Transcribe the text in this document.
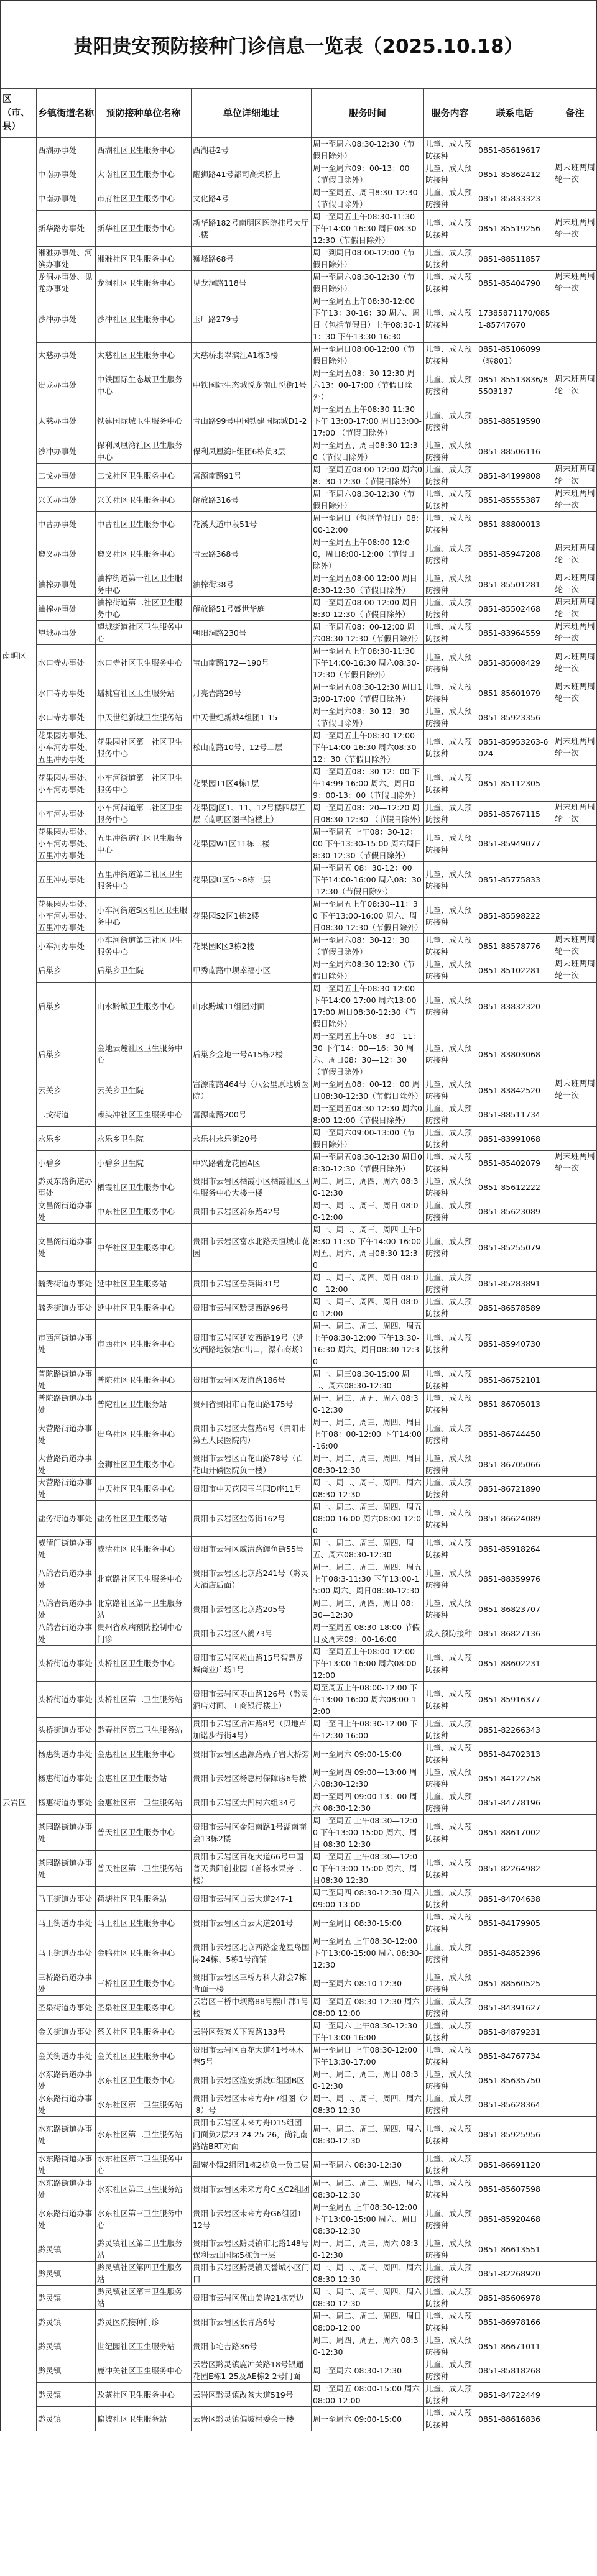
贵阳贵安预防接种门诊信息一览表（2025.10.18）
区（市、县）	乡镇街道名称	预防接种单位名称	单位详细地址	服务时间	服务内容	联系电话	备注
南明区	西湖办事处	西湖社区卫生服务中心	西湖巷2号	周一至周六08:30-12:30（节假日除外）	儿童、成人预防接种	0851-85619617	
	中南办事处	大南社区卫生服务中心	醒狮路41号都司高架桥上	周一至周六09：00-13：00（节假日除外）	儿童、成人预防接种	0851-85862412	周末班两周轮一次
	中南办事处	市府社区卫生服务中心	文化路4号	周一至周五、周日8:30-12:30（节假日除外）	儿童、成人预防接种	0851-85833323	
	新华路办事处	新华社区卫生服务中心	新华路182号南明区医院挂号大厅二楼	周一至周五上午08:30-11:30 下午14:00-16:30 周日08:30-12:30（节假日除外）	儿童、成人预防接种	0851-85519256	周末班两周轮一次
	湘雅办事处、河滨办事处	湘雅社区卫生服务中心	狮峰路68号	周一到周日08:00-12:00（节假日除外）	儿童、成人预防接种	0851-88511857	
	龙洞办事处、见龙办事处	龙洞社区卫生服务中心	见龙洞路118号	周一至周六08:30-12:30（节假日除外）	儿童、成人预防接种	0851-85404790	周末班两周轮一次
	沙冲办事处	沙冲社区卫生服务中心	玉厂路279号	周一至周五上午08:30-12:00 下午13：30-16：30 周六、周日（包括节假日）上午08:30-11：30 下午13:30-16:30	儿童、成人预防接种	17385871170/0851-85747670	
	太慈办事处	太慈社区卫生服务中心	太慈桥翡翠滨江A1栋3楼	周一至周日08:00-12:00（节假日除外）	儿童、成人预防接种	0851-85106099（转801）	
	贵龙办事处	中铁国际生态城卫生服务中心	中铁国际生态城悦龙南山悦街1号	周一至周五08：30-12:30 周六13：00-17:00（节假日除外）	儿童、成人预防接种	0851-85513836/85503137	周末班两周轮一次
	太慈办事处	铁建国际城卫生服务中心	青山路99号中国铁建国际城D1-2	周一至周五上午08:30-11:30 下午 13:00-17:00 周日13:00-17:00 （节假日除外）	儿童、成人预防接种	0851-88519590	
	沙冲办事处	保利凤凰湾社区卫生服务中心	保利凤凰湾E组团6栋负3层	周一至周五、周日08:30-12:30（节假日除外）	儿童、成人预防接种	0851-88506116	
	二戈办事处	二戈社区卫生服务中心	富源南路91号	周一至周五08:00-12:00 周六08：30-12:30（节假日除外）	儿童、成人预防接种	0851-84199808	周末班两周轮一次
	兴关办事处	兴关社区卫生服务中心	解放路316号	周一至周六08:30-12:30（节假日除外）	儿童、成人预防接种	0851-85555387	周末班两周轮一次
	中曹办事处	中曹社区卫生服务中心	花溪大道中段51号	周一至周日（包括节假日）08:00-12:00	儿童、成人预防接种	0851-88800013	
	遵义办事处	遵义社区卫生服务中心	青云路368号	周一至周五上午08:00-12:00，周日8:00-12:00（节假日除外）	儿童、成人预防接种	0851-85947208	周末班两周轮一次
	油榨办事处	油榨街道第一社区卫生服务中心	油榨街38号	周一至周五08:00-12:00 周日8:30-12:30（节假日除外）	儿童、成人预防接种	0851-85501281	周末班两周轮一次
	油榨办事处	油榨街道第二社区卫生服务中心	解放路51号盛世华庭	周一至周五08:00-12:00 周日8:30-12:30（节假日除外）	儿童、成人预防接种	0851-85502468	周末班两周轮一次
	望城办事处	望城街道社区卫生服务中心	朝阳洞路230号	周一至周五08：00-12:00 周六08:30-12:30（节假日除外）	儿童、成人预防接种	0851-83964559	周末班两周轮一次
	水口寺办事处	水口寺社区卫生服务中心	宝山南路172—190号	周一至周五上午08:30-11:30 下午14:00-16:30 周六08:30-12:30（节假日除外）	儿童、成人预防接种	0851-85608429	周末班两周轮一次
	水口寺办事处	蟠桃宫社区卫生服务站	月亮岩路29号	周一至周五08:30-12:30 周日13;00-17:00（节假日除外）	儿童、成人预防接种	0851-85601979	周末班两周轮一次
	水口寺办事处	中天世纪新城卫生服务站	中天世纪新城4组团1-15	周一至周六08：30-12：30（节假日除外）	儿童、成人预防接种	0851-85923356	
	花果园办事处、小车河办事处、五里冲办事处	花果园社区第一社区卫生服务中心	松山南路10号、12号二层	周一至周五上午08:30-12:00 下午14:00-16:30 周六08:30--12：30（节假日除外）	儿童、成人预防接种	0851-85953263-6024	周末班两周轮一次
	花果园办事处、小车河办事处	小车河街道第一社区卫生服务中心	花果园T1区4栋1层	周一至周五08：30-12：00 下午14:99-16:00 周六、周日09：00-13：00（节假日除外）	儿童、成人预防接种	0851-85112305	
	小车河办事处	小车河街道第二社区卫生服务中心	花果园J区1、11、12号楼四层五层（南明区图书馆楼上）	周一至周五08：20—12:20 周日08:30-12:30 （节假日除外）	儿童、成人预防接种	0851-85767115	周末班两周轮一次
	花果园办事处、小车河办事处、五里冲办事处	五里冲街道社区卫生服务中心	花果园W1区11栋二楼	周一至周五 上午08：30-12：00 下午13:30-15:00 周六周日8:30-12:30（节假日除外）	儿童、成人预防接种	0851-85949077	
	五里冲办事处	五里冲街道第二社区卫生服务中心	花果园U区5～8栋一层	周一至周五 08：30-12：00 下午14:00-16:00 周六08：30-12:30（节假日除外）	儿童、成人预防接种	0851-85775833	
	花果园办事处、小车河办事处、五里冲办事处	小车河街道S区社区卫生服务中心	花果园S2区1栋2楼	周一至周五上午08:30--11：30 下午13:00-16:00 周六、周日08:30-12:30（节假日除外）	儿童、成人预防接种	0851-85598222	
	小车河办事处	小车河街道第三社区卫生服务中心	花果园K区3栋2楼	周一至周六08：30-12：30（节假日除外）	儿童、成人预防接种	0851-88578776	周末班两周轮一次
	后巢乡	后巢乡卫生院	甲秀南路中坝幸福小区	周一至周六08:30-12:30（节假日除外）	儿童、成人预防接种	0851-85102281	周末班两周轮一次
	后巢乡	山水黔城卫生服务中心	山水黔城11组团对面	周一至周五上午08:30-12:00 下午14:00-17:00 周六13:00-17:00 周日08:30-12:30（节假日除外）	儿童、成人预防接种	0851-83832320	
	后巢乡	金地云麓社区卫生服务中心	后巢乡金地一号A15栋2楼	周一至周五上午08：30—11：30 下午14：00—16：30 周六、周日08：30—12：30（节假日除外）	儿童、成人预防接种	0851-83803068	
	云关乡	云关乡卫生院	富源南路464号（八公里原地质医院）	周一至周五08：00-12：00 周日08:30-12:30（节假日除外）	儿童、成人预防接种	0851-83842520	周末班两周轮一次
	二戈街道	赖头冲社区卫生服务中心	富源南路200号	周一至周五08:30-12:30 周六08:00-12:00（节假日除外）	儿童、成人预防接种	0851-88511734	
	永乐乡	永乐乡卫生院	永乐村永乐街20号	周一至周六09:00-13:00（节假日除外）	儿童、成人预防接种	0851-83991068	
	小碧乡	小碧乡卫生院	中兴路碧龙花园A区	周一至周五08:30-12:30 周日08:30-12:30（节假日除外）	儿童、成人预防接种	0851-85402079	周末班两周轮一次
云岩区	黔灵东路街道办事处	栖霞社区卫生服务中心	贵阳市云岩区栖霞小区栖霞社区卫生服务中心大楼一楼	周二、周三、周四、周六 08:30-12:30	儿童、成人预防接种	0851-85612222	
	文昌阁街道办事处	中东社区卫生服务中心	贵阳市云岩区新东路42号	周一、周二、周三、周日 08:00-12:00	儿童、成人预防接种	0851-85623089	
	文昌阁街道办事处	中华社区卫生服务中心	贵阳市云岩区富水北路天恒城市花园	周一、周二、周三、周四 上午08:30-11:30 下午14:00-16:00 周五、周六、周日08:30-12:30	儿童、成人预防接种	0851-85255079	
	毓秀街道办事处	延中社区卫生服务站	贵阳市云岩区岳英街31号	周二、周三、周四、周日 08:00—12:00	儿童、成人预防接种	0851-85283891	
	毓秀街道办事处	延中社区卫生服务中心	贵阳市云岩区黔灵西路96号	周一、周三、周四、周日 08:00-12:00	儿童、成人预防接种	0851-86578589	
	市西河街道办事处	市西社区卫生服务中心	贵阳市云岩区延安西路19号（延安西路地铁站C出口，瀑布商场）	周一、周二、周三、周四、周五 上午08:30-12:00 下午13:30-16:30 周六、周日08:30-12:30	儿童、成人预防接种	0851-85940730	
	普陀路街道办事处	普陀社区卫生服务中心	贵阳市云岩区友谊路186号	周一、周三08:30-15:00 周二、周六08:30-12:30	儿童、成人预防接种	0851-86752101	
	普陀路街道办事处	普陀社区卫生服务站	贵州省贵阳市百花山路175号	周一、周三、周五、周六 08:30-12:30	儿童、成人预防接种	0851-86705013	
	大营路街道办事处	贵乌社区卫生服务中心	贵阳市云岩区大营路6号（贵阳市第五人民医院内）	周一、周二、周三、周四、周日 上午08：00-12:00 下午14:00-16:00	儿童、成人预防接种	0851-86744450	
	大营路街道办事处	金狮社区卫生服务中心	贵阳市云岩区百花山路78号（百花山开磷医院负一楼）	周一、周二、周三、周四、周日 08:30-12:30	儿童、成人预防接种	0851-86705066	
	大营路街道办事处	中天社区卫生服务中心	贵阳市中天花园玉兰园D座11号	周一、周二、周三、周四、周六 08:30-12:30	儿童、成人预防接种	0851-86721890	
	盐务街道办事处	盐务社区卫生服务站	贵阳市云岩区盐务街162号	周一、周二、周三、周四、周五08:00-16:00 周六08:00-12:00	儿童、成人预防接种	0851-86624089	
	威清门街道办事处	威清社区卫生服务中心	贵阳市云岩区威清路鲤鱼街55号	周一、周二、周三、周四、周五、周六08:30-12:30	儿童、成人预防接种	0851-85918264	
	八鸽岩街道办事处	北京路社区卫生服务中心	贵阳市云岩区北京路241号（黔灵大酒店后面）	周一、周二、周三、周四、周五 上午08:3-11:30 下午13:00-15:00 周六、周日08:30-12:30	儿童、成人预防接种	0851-88359976	
	八鸽岩街道办事处	北京路社区第一卫生服务站	贵阳市云岩区北京路205号	周二、周三、周四、周日 08：30—12:30	儿童、成人预防接种	0851-86823707	
	八鸽岩街道办事处	贵州省疾病预防控制中心门诊	贵阳市云岩区八鸽73号	周一至周五 08:30-18:00 节假日及周末09：00-16:00	成人预防接种	0851-86827136	
	头桥街道办事处	头桥社区卫生服务中心	贵阳市云岩区松山路15号智慧龙城商业广场1号	周一至周五上午08:00-12:00 下午13:00-16:00 周六08:00-12:00	儿童、成人预防接种	0851-88602231	
	头桥街道办事处	头桥社区第二卫生服务站	贵阳市云岩区枣山路126号（黔灵酒店对面、工商银行楼上）	周至周五上午08:00-12:00 下午13:00-16:00 周六08:00-12:00	儿童、成人预防接种	0851-85916377	
	头桥街道办事处	黔春社区第二卫生服务站	贵阳市云岩区后冲路8号（贝地卢加诺步行街4号）	周一至日上午08:30-12:00 下午12:30-16:00	儿童、成人预防接种	0851-82266343	
	杨惠街道办事处	金惠社区卫生服务中心	贵阳市云岩区惠源路燕子岩大桥旁	周一至周六 09:00-15:00	儿童、成人预防接种	0851-84702313	
	杨惠街道办事处	金惠社区卫生服务站	贵阳市云岩区杨惠村保障房6号楼	周一至周四 09:00—13:00 周六08:30-12:30	儿童、成人预防接种	0851-84122758	
	杨惠街道办事处	金惠社区第一卫生服务站	贵阳市云岩区大凹村六组34号	周一至周四 09:00-13：00 周六 08:30-12:30	儿童、成人预防接种	0851-84778196	
	茶园路街道办事处	普天社区卫生服务中心	贵阳市云岩区金阳南路1号湖南商会13栋2楼	周一至周五 上午08:30—12:00 下午13:00-15:00 周六、周日 08:30-12:30	儿童、成人预防接种	0851-88617002	
	茶园路街道办事处	普天社区第二卫生服务站	贵阳市云岩区百花大道66号中国普天贵阳创业园（首杨水果旁二楼）	周一至周五 上午08:30—12:00 下午13:00-15:00 周六、周日08:30-12:30	儿童、成人预防接种	0851-82264982	
	马王街道办事处	荷塘社区卫生服务站	贵阳市云岩区白云大道247-1	周二至周四 08:30-12:30 周六 09:00-13:00	儿童、成人预防接种	0851-84704638	
	马王街道办事处	马王社区卫生服务中心	贵阳市云岩区白云大道201号	周一至周日 08:30-15:00	儿童、成人预防接种	0851-84179905	
	马王街道办事处	金鸭社区卫生服务中心	贵阳市云岩区北京西路金龙星岛国际24栋、5栋1号商铺	周一至周五 上午08:30-12:00 下午13:00-15:00 周六 08:30-12:30	儿童、成人预防接种	0851-84852396	
	三桥路街道办事处	三桥社区卫生服务中心	贵阳市云岩区三桥万科大都会7栋背面一楼	周一至周六 08:10-12:30	儿童、成人预防接种	0851-88560525	
	圣泉街道办事处	圣泉社区卫生服务中心	云岩区三桥中坝路88号熙山郡1号楼	周一至周五 08:30-12:30 周六 08:00-12:00	儿童、成人预防接种	0851-84391627	
	金关街道办事处	蔡关社区卫生服务中心	云岩区蔡家关下寨路133号	周一至周六 上午08:30-12:30 下午13:00-16:00	儿童、成人预防接种	0851-84879231	
	金关街道办事处	金关社区卫生服务中心	贵阳市云岩区百花大道41号林木巷5号	周一至周日 上午08:30-12:00 下午13:30-17:00	儿童、成人预防接种	0851-84767734	
	水东路街道办事处	水东社区卫生服务中心	贵阳市云岩区渔安新城C组团B区	周一、周二、周三、周日 08:30-12:30	儿童、成人预防接种	0851-85635750	
	水东路街道办事处	水东社区第一卫生服务站	贵阳市云岩区未来方舟F7组图（2-8）号	周一、周二、周三、周四、周六 08:30-12:30	儿童、成人预防接种	0851-85628364	
	水东路街道办事处	水东社区第二卫生服务站	贵阳市云岩区未来方舟D15组团门面负2层23-24-25-26，尚礼南路站BRT对面	周一、周二、周三、周四、周六 08:30-12:30	儿童、成人预防接种	0851-85925956	
	水东路街道办事处	水东社区第二卫生服务中心	甜蜜小镇2组团1栋2栋负一负二层	周一至周六 08:30-12:30	儿童、成人预防接种	0851-86691120	
	水东路街道办事处	水东社区第三卫生服务站	贵阳市云岩区未来方舟C区C2组团	周一、周二、周三、周四、周六08:30-12:30	儿童、成人预防接种	0851-85607598	
	水东路街道办事处	水东社区第三卫生服务中心	贵阳市云岩区未来方舟G6组团1-12号	周一至周五 上午08:30-12:00 下午13:00-15:00 周六、周日 08:30-12:30	儿童、成人预防接种	0851-85920468	
	黔灵镇	黔灵镇社区第二卫生服务站	贵阳市云岩区黔灵镇市北路148号保利云山国际5栋负一层	周一、周二、周三、周六 08:30-12:30	儿童、成人预防接种	0851-86613551	
	黔灵镇	黔灵镇社区第四卫生服务站	贵阳市云岩区黔灵镇天誉城小区门口	周一、周二、周三、周四、周六 08:30-12:30	儿童、成人预防接种	0851-82268920	
	黔灵镇	黔灵镇社区第三卫生服务站	贵阳市云岩区优山美诗21栋旁边	周一、周二、周三、周四、周六 08:30-12:30	儿童、成人预防接种	0851-85606978	
	黔灵镇	黔灵医院接种门诊	贵阳市云岩区长青路6号	周一、周二、周三、周四、周日 08:00-12:00	儿童、成人预防接种	0851-86978166	
	黔灵镇	世纪园社区卫生服务站	贵阳市宅吉路36号	周三、周四、周五、周六 08:30-12:30	儿童、成人预防接种	0851-86671011	
	黔灵镇	鹿冲关社区卫生服务中心	云岩区黔灵镇鹿冲关路18号银通花园E栋1-25及AE栋2-2号门面	周一至周六 08:30-12:30	儿童、成人预防接种	0851-85818268	
	黔灵镇	改茶社区卫生服务中心	云岩区黔灵镇改茶大道519号	周一至周五 08:00-15:00 周六 08:00-12:00	儿童、成人预防接种	0851-84722449	
	黔灵镇	偏坡社区卫生服务站	云岩区黔灵镇偏坡村委会一楼	周一至周六 09:00-15:00	儿童、成人预防接种	0851-88616836	
